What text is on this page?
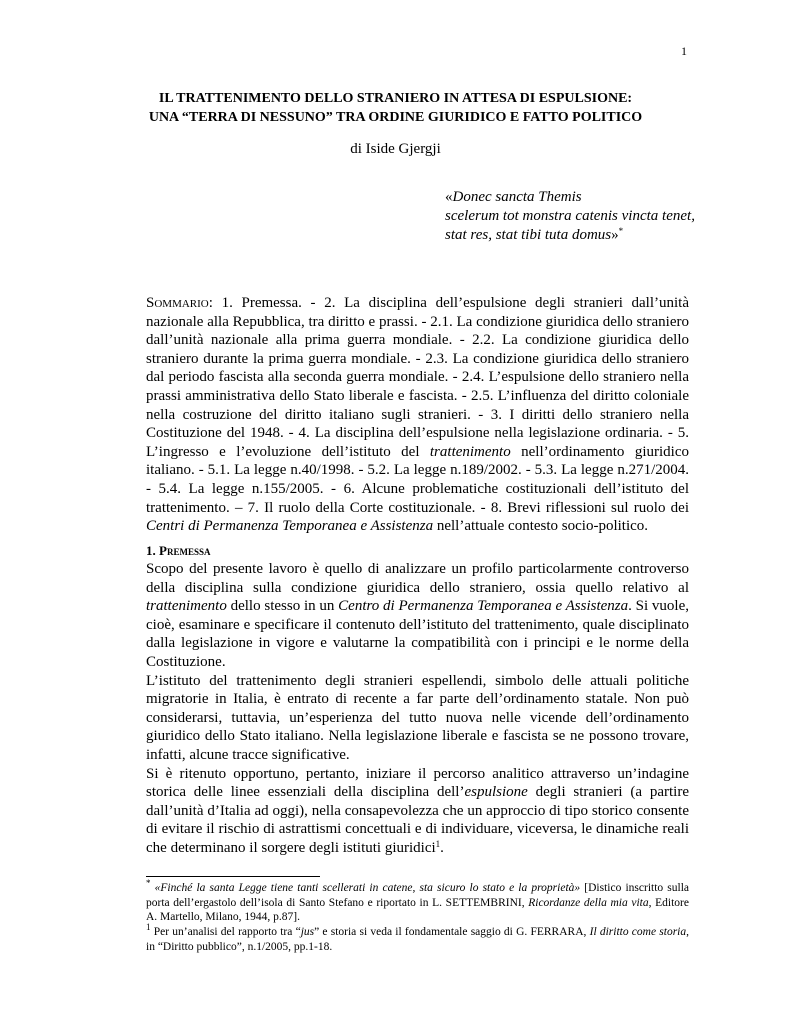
1
IL TRATTENIMENTO DELLO STRANIERO IN ATTESA DI ESPULSIONE:
UNA “TERRA DI NESSUNO” TRA ORDINE GIURIDICO E FATTO POLITICO
di Iside Gjergji
«Donec sancta Themis
scelerum tot monstra catenis vincta tenet,
stat res, stat tibi tuta domus»*
Sommario: 1. Premessa. - 2. La disciplina dell’espulsione degli stranieri dall’unità nazionale alla Repubblica, tra diritto e prassi. - 2.1. La condizione giuridica dello straniero dall’unità nazionale alla prima guerra mondiale. - 2.2. La condizione giuridica dello straniero durante la prima guerra mondiale. - 2.3. La condizione giuridica dello straniero dal periodo fascista alla seconda guerra mondiale. - 2.4. L’espulsione dello straniero nella prassi amministrativa dello Stato liberale e fascista. - 2.5. L’influenza del diritto coloniale nella costruzione del diritto italiano sugli stranieri. - 3. I diritti dello straniero nella Costituzione del 1948. - 4. La disciplina dell’espulsione nella legislazione ordinaria. - 5. L’ingresso e l’evoluzione dell’istituto del trattenimento nell’ordinamento giuridico italiano. - 5.1. La legge n.40/1998. - 5.2. La legge n.189/2002. - 5.3. La legge n.271/2004. - 5.4. La legge n.155/2005. - 6. Alcune problematiche costituzionali dell’istituto del trattenimento. – 7. Il ruolo della Corte costituzionale. - 8. Brevi riflessioni sul ruolo dei Centri di Permanenza Temporanea e Assistenza nell’attuale contesto socio-politico.
1. Premessa

Scopo del presente lavoro è quello di analizzare un profilo particolarmente controverso della disciplina sulla condizione giuridica dello straniero, ossia quello relativo al trattenimento dello stesso in un Centro di Permanenza Temporanea e Assistenza. Si vuole, cioè, esaminare e specificare il contenuto dell’istituto del trattenimento, quale disciplinato dalla legislazione in vigore e valutarne la compatibilità con i principi e le norme della Costituzione.

L’istituto del trattenimento degli stranieri espellendi, simbolo delle attuali politiche migratorie in Italia, è entrato di recente a far parte dell’ordinamento statale. Non può considerarsi, tuttavia, un’esperienza del tutto nuova nelle vicende dell’ordinamento giuridico dello Stato italiano. Nella legislazione liberale e fascista se ne possono trovare, infatti, alcune tracce significative.

Si è ritenuto opportuno, pertanto, iniziare il percorso analitico attraverso un’indagine storica delle linee essenziali della disciplina dell’espulsione degli stranieri (a partire dall’unità d’Italia ad oggi), nella consapevolezza che un approccio di tipo storico consente di evitare il rischio di astrattismi concettuali e di individuare, viceversa, le dinamiche reali che determinano il sorgere degli istituti giuridici$^1$.

* «Finché la santa Legge tiene tanti scellerati in catene, sta sicuro lo stato e la proprietà» [Distico inscritto sulla porta dell’ergastolo dell’isola di Santo Stefano e riportato in L. SETTEMBRINI, Ricordanze della mia vita, Editore A. Martello, Milano, 1944, p.87].

$^1$ Per un’analisi del rapporto tra “jus” e storia si veda il fondamentale saggio di G. FERRARA, Il diritto come storia, in “Diritto pubblico”, n.1/2005, pp.1-18.
